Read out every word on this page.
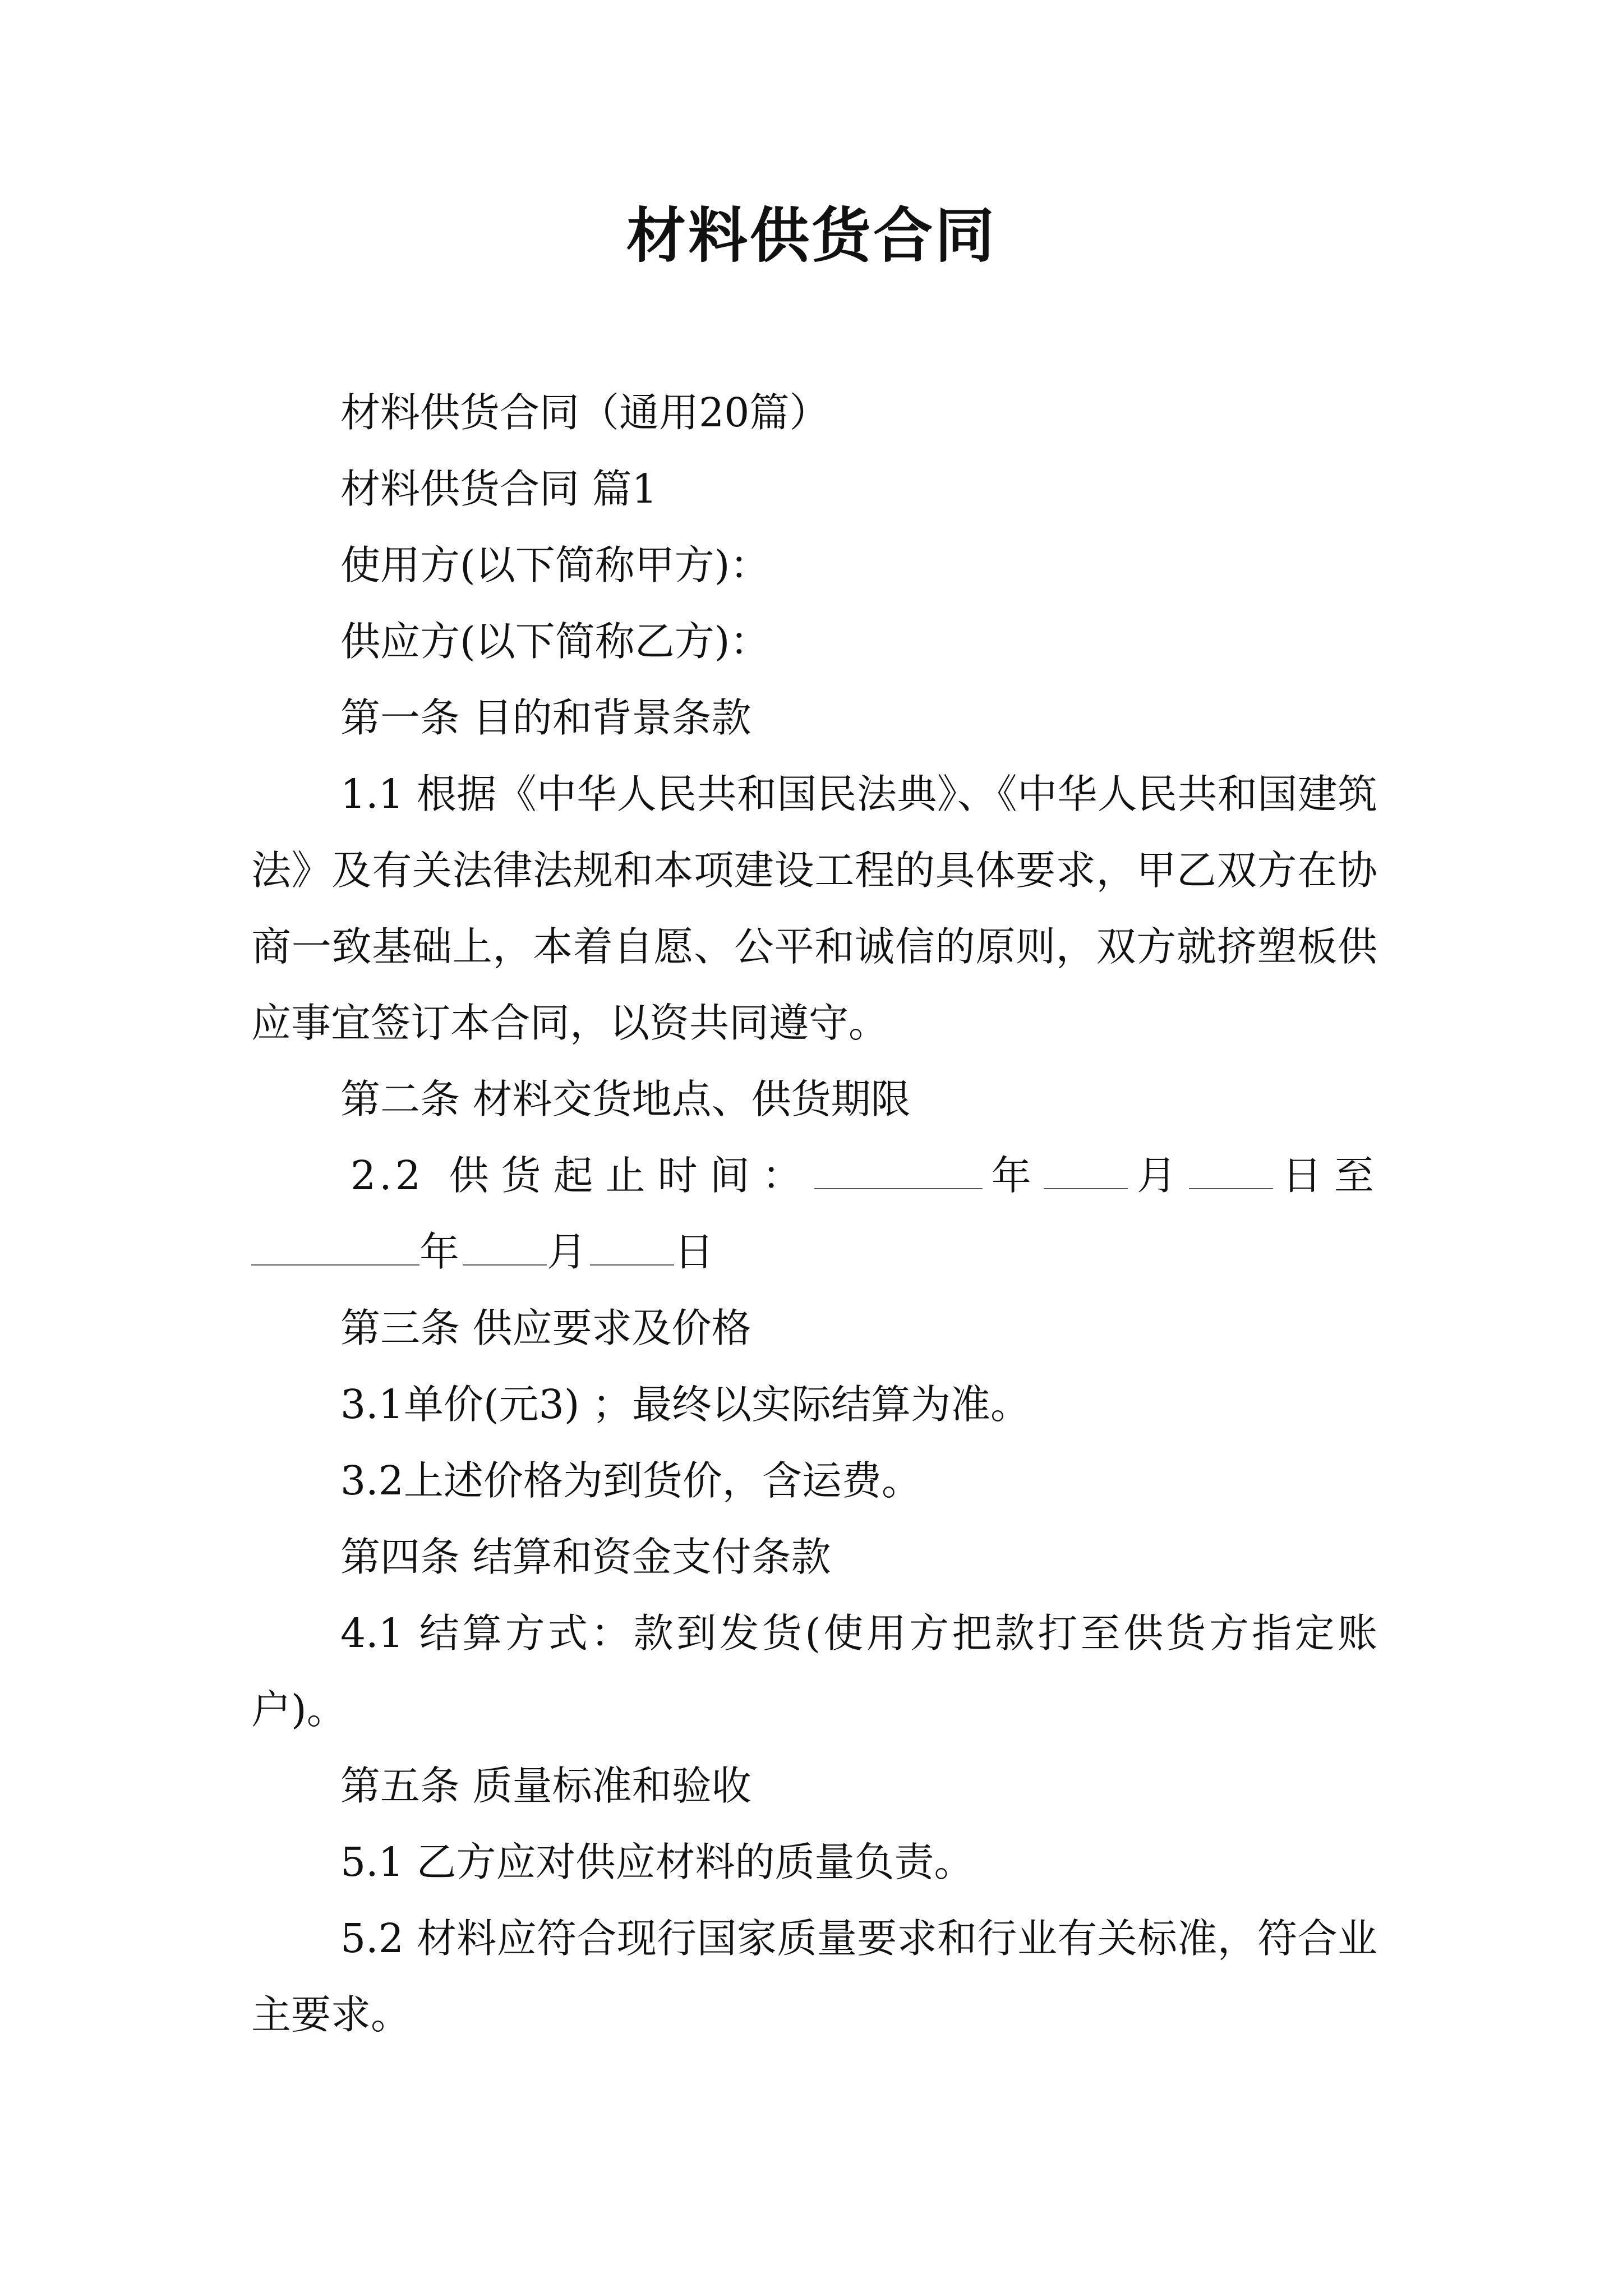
材料供货合同

材料供货合同（通用20篇）

材料供货合同 篇1

使用方(以下简称甲方)：

供应方(以下简称乙方)：

第一条 目的和背景条款

1.1 根据《中华人民共和国民法典》、《中华人民共和国建筑法》及有关法律法规和本项建设工程的具体要求，甲乙双方在协商一致基础上，本着自愿、公平和诚信的原则，双方就挤塑板供应事宜签订本合同，以资共同遵守。

第二条 材料交货地点、供货期限

2.2 供货起止时间：	年 月 日至年 月 日

第三条 供应要求及价格

3.1单价(元3) ；最终以实际结算为准。

3.2上述价格为到货价，含运费。

第四条 结算和资金支付条款

4.1 结算方式：款到发货(使用方把款打至供货方指定账户)。

第五条 质量标准和验收

5.1 乙方应对供应材料的质量负责。

5.2 材料应符合现行国家质量要求和行业有关标准，符合业主要求。
